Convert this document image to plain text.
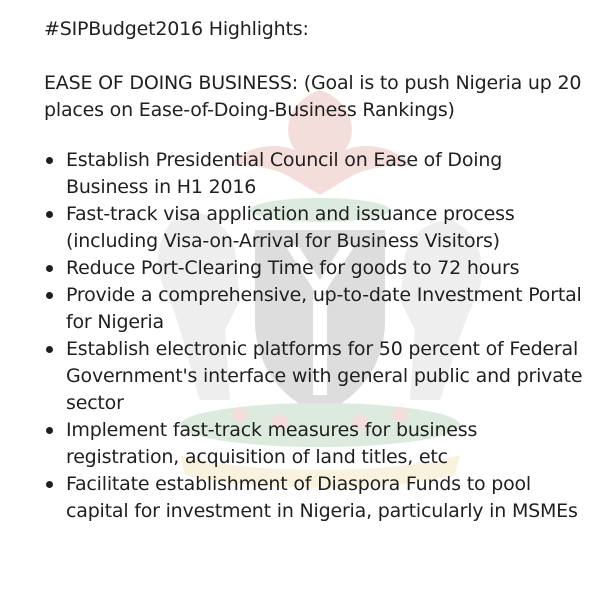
#SIPBudget2016 Highlights:
EASE OF DOING BUSINESS: (Goal is to push Nigeria up 20 places on Ease-of-Doing-Business Rankings)
Establish Presidential Council on Ease of Doing Business in H1 2016
Fast-track visa application and issuance process (including Visa-on-Arrival for Business Visitors)
Reduce Port-Clearing Time for goods to 72 hours
Provide a comprehensive, up-to-date Investment Portal for Nigeria
Establish electronic platforms for 50 percent of Federal Government's interface with general public and private sector
Implement fast-track measures for business registration, acquisition of land titles, etc
Facilitate establishment of Diaspora Funds to pool capital for investment in Nigeria, particularly in MSMEs
